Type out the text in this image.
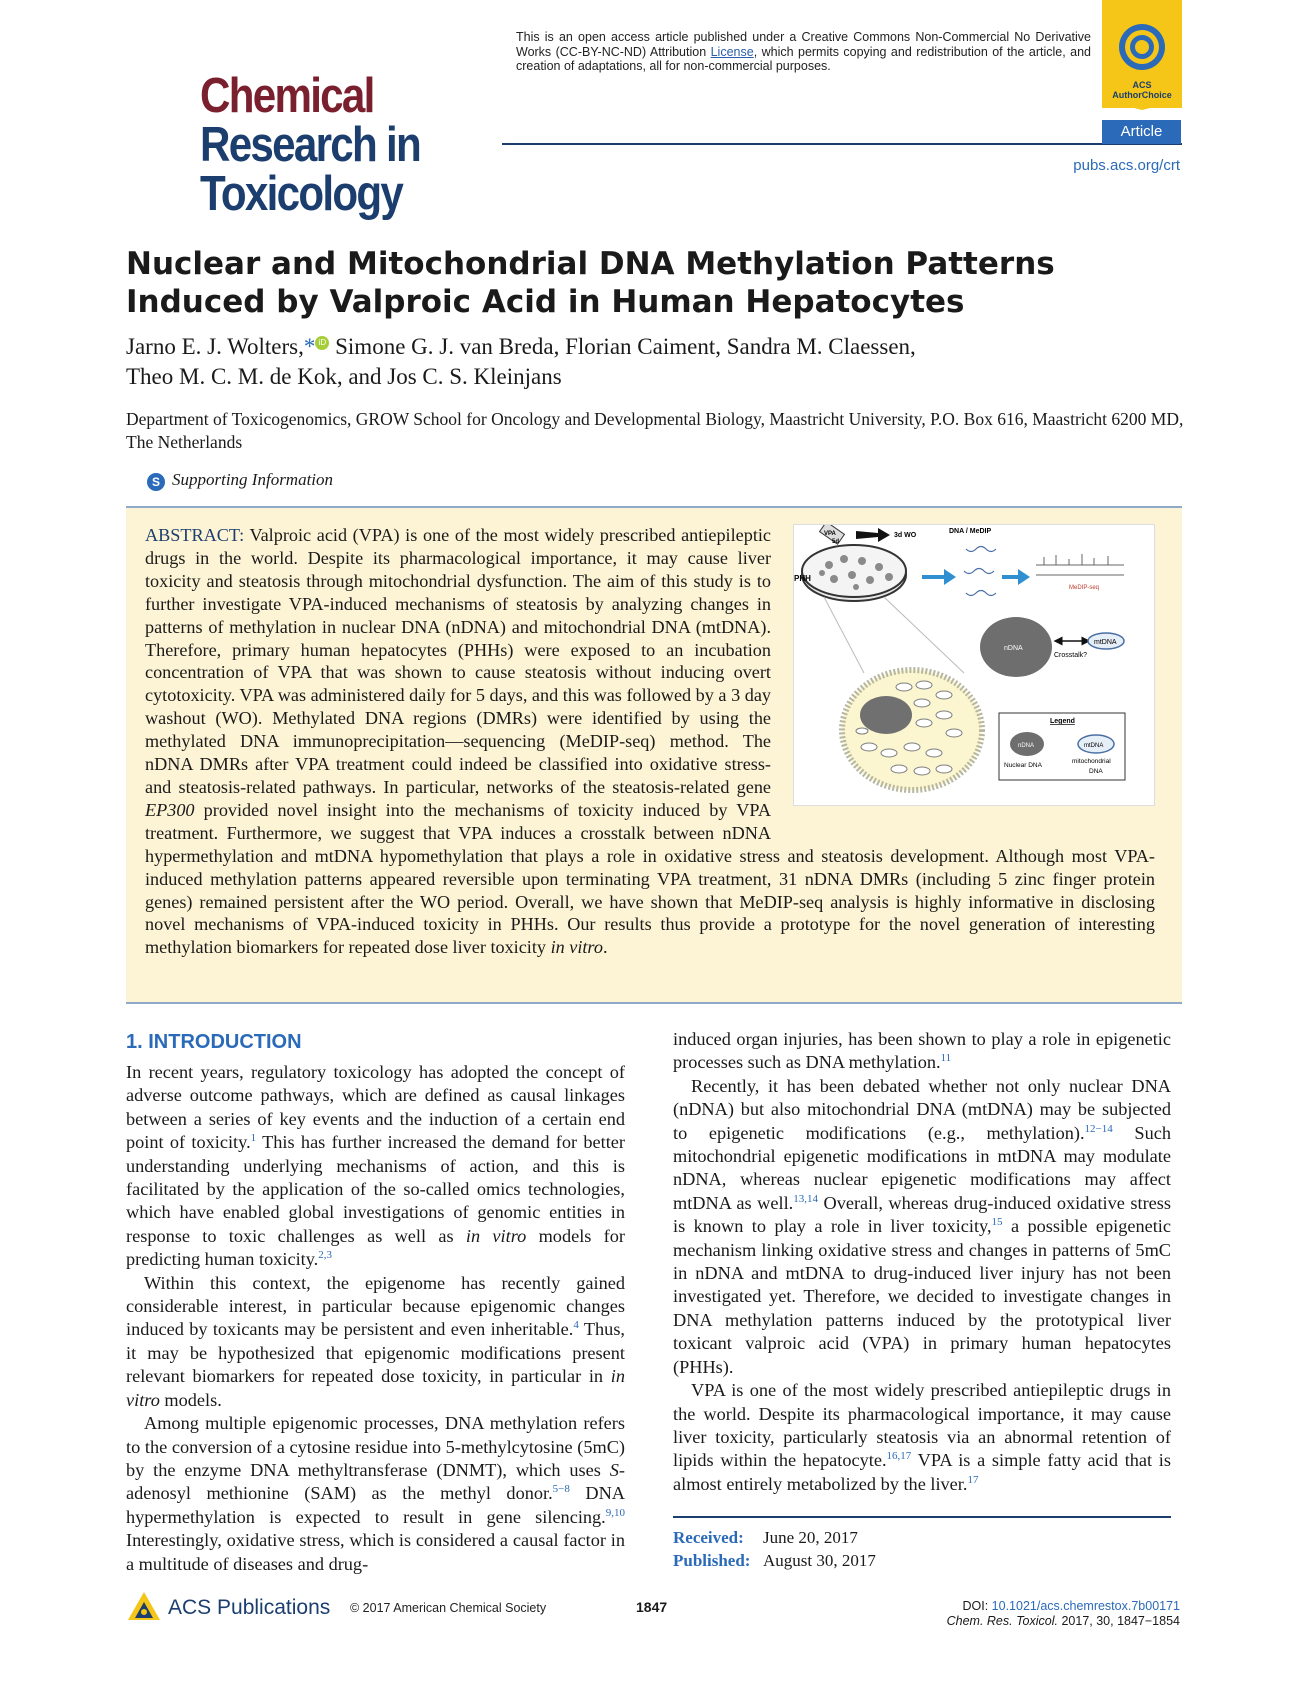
Chemical
Research in
Toxicology
This is an open access article published under a Creative Commons Non-Commercial No Derivative Works (CC-BY-NC-ND) Attribution License, which permits copying and redistribution of the article, and creation of adaptations, all for non-commercial purposes.
ACS AuthorChoice
Article
pubs.acs.org/crt
Nuclear and Mitochondrial DNA Methylation Patterns Induced by Valproic Acid in Human Hepatocytes
Jarno E. J. Wolters,* iD Simone G. J. van Breda, Florian Caiment, Sandra M. Claessen,
Theo M. C. M. de Kok, and Jos C. S. Kleinjans
Department of Toxicogenomics, GROW School for Oncology and Developmental Biology, Maastricht University, P.O. Box 616, Maastricht 6200 MD, The Netherlands
S Supporting Information
ABSTRACT: Valproic acid (VPA) is one of the most widely prescribed antiepileptic drugs in the world. Despite its pharmacological importance, it may cause liver toxicity and steatosis through mitochondrial dysfunction. The aim of this study is to further investigate VPA-induced mechanisms of steatosis by analyzing changes in patterns of methylation in nuclear DNA (nDNA) and mitochondrial DNA (mtDNA). Therefore, primary human hepatocytes (PHHs) were exposed to an incubation concentration of VPA that was shown to cause steatosis without inducing overt cytotoxicity. VPA was administered daily for 5 days, and this was followed by a 3 day washout (WO). Methylated DNA regions (DMRs) were identified by using the methylated DNA immunoprecipitation—sequencing (MeDIP-seq) method. The nDNA DMRs after VPA treatment could indeed be classified into oxidative stress- and steatosis-related pathways. In particular, networks of the steatosis-related gene EP300 provided novel insight into the mechanisms of toxicity induced by VPA treatment. Furthermore, we suggest that VPA induces a crosstalk between nDNA hypermethylation and mtDNA hypomethylation that plays a role in oxidative stress and steatosis development. Although most VPA-induced methylation patterns appeared reversible upon terminating VPA treatment, 31 nDNA DMRs (including 5 zinc finger protein genes) remained persistent after the WO period. Overall, we have shown that MeDIP-seq analysis is highly informative in disclosing novel mechanisms of VPA-induced toxicity in PHHs. Our results thus provide a prototype for the novel generation of interesting methylation biomarkers for repeated dose liver toxicity in vitro.
PHH
VPA
5d
3d WO
DNA / MeDIP
MeDIP-seq
nDNA
mtDNA
Crosstalk?
Legend
nDNA	mtDNA
Nuclear DNA
mitochondrial
DNA
1. INTRODUCTION

In recent years, regulatory toxicology has adopted the concept of adverse outcome pathways, which are defined as causal linkages between a series of key events and the induction of a certain end point of toxicity.$^1$ This has further increased the demand for better understanding underlying mechanisms of action, and this is facilitated by the application of the so-called omics technologies, which have enabled global investigations of genomic entities in response to toxic challenges as well as in vitro models for predicting human toxicity.$^{2,3}$

Within this context, the epigenome has recently gained considerable interest, in particular because epigenomic changes induced by toxicants may be persistent and even inheritable.$^4$ Thus, it may be hypothesized that epigenomic modifications present relevant biomarkers for repeated dose toxicity, in particular in in vitro models.

Among multiple epigenomic processes, DNA methylation refers to the conversion of a cytosine residue into 5-methylcytosine (5mC) by the enzyme DNA methyltransferase (DNMT), which uses S-adenosyl methionine (SAM) as the methyl donor.$^{5-8}$ DNA hypermethylation is expected to result in gene silencing.$^{9,10}$ Interestingly, oxidative stress, which is considered a causal factor in a multitude of diseases and drug-

induced organ injuries, has been shown to play a role in epigenetic processes such as DNA methylation.$^{11}$

Recently, it has been debated whether not only nuclear DNA (nDNA) but also mitochondrial DNA (mtDNA) may be subjected to epigenetic modifications (e.g., methylation).$^{12-14}$ Such mitochondrial epigenetic modifications in mtDNA may modulate nDNA, whereas nuclear epigenetic modifications may affect mtDNA as well.$^{13,14}$ Overall, whereas drug-induced oxidative stress is known to play a role in liver toxicity,$^{15}$ a possible epigenetic mechanism linking oxidative stress and changes in patterns of 5mC in nDNA and mtDNA to drug-induced liver injury has not been investigated yet. Therefore, we decided to investigate changes in DNA methylation patterns induced by the prototypical liver toxicant valproic acid (VPA) in primary human hepatocytes (PHHs).

VPA is one of the most widely prescribed antiepileptic drugs in the world. Despite its pharmacological importance, it may cause liver toxicity, particularly steatosis via an abnormal retention of lipids within the hepatocyte.$^{16,17}$ VPA is a simple fatty acid that is almost entirely metabolized by the liver.$^{17}$

Received: June 20, 2017
Published: August 30, 2017
ACS Publications © 2017 American Chemical Society	1847	DOI: 10.1021/acs.chemrestox.7b00171
Chem. Res. Toxicol. 2017, 30, 1847−1854
